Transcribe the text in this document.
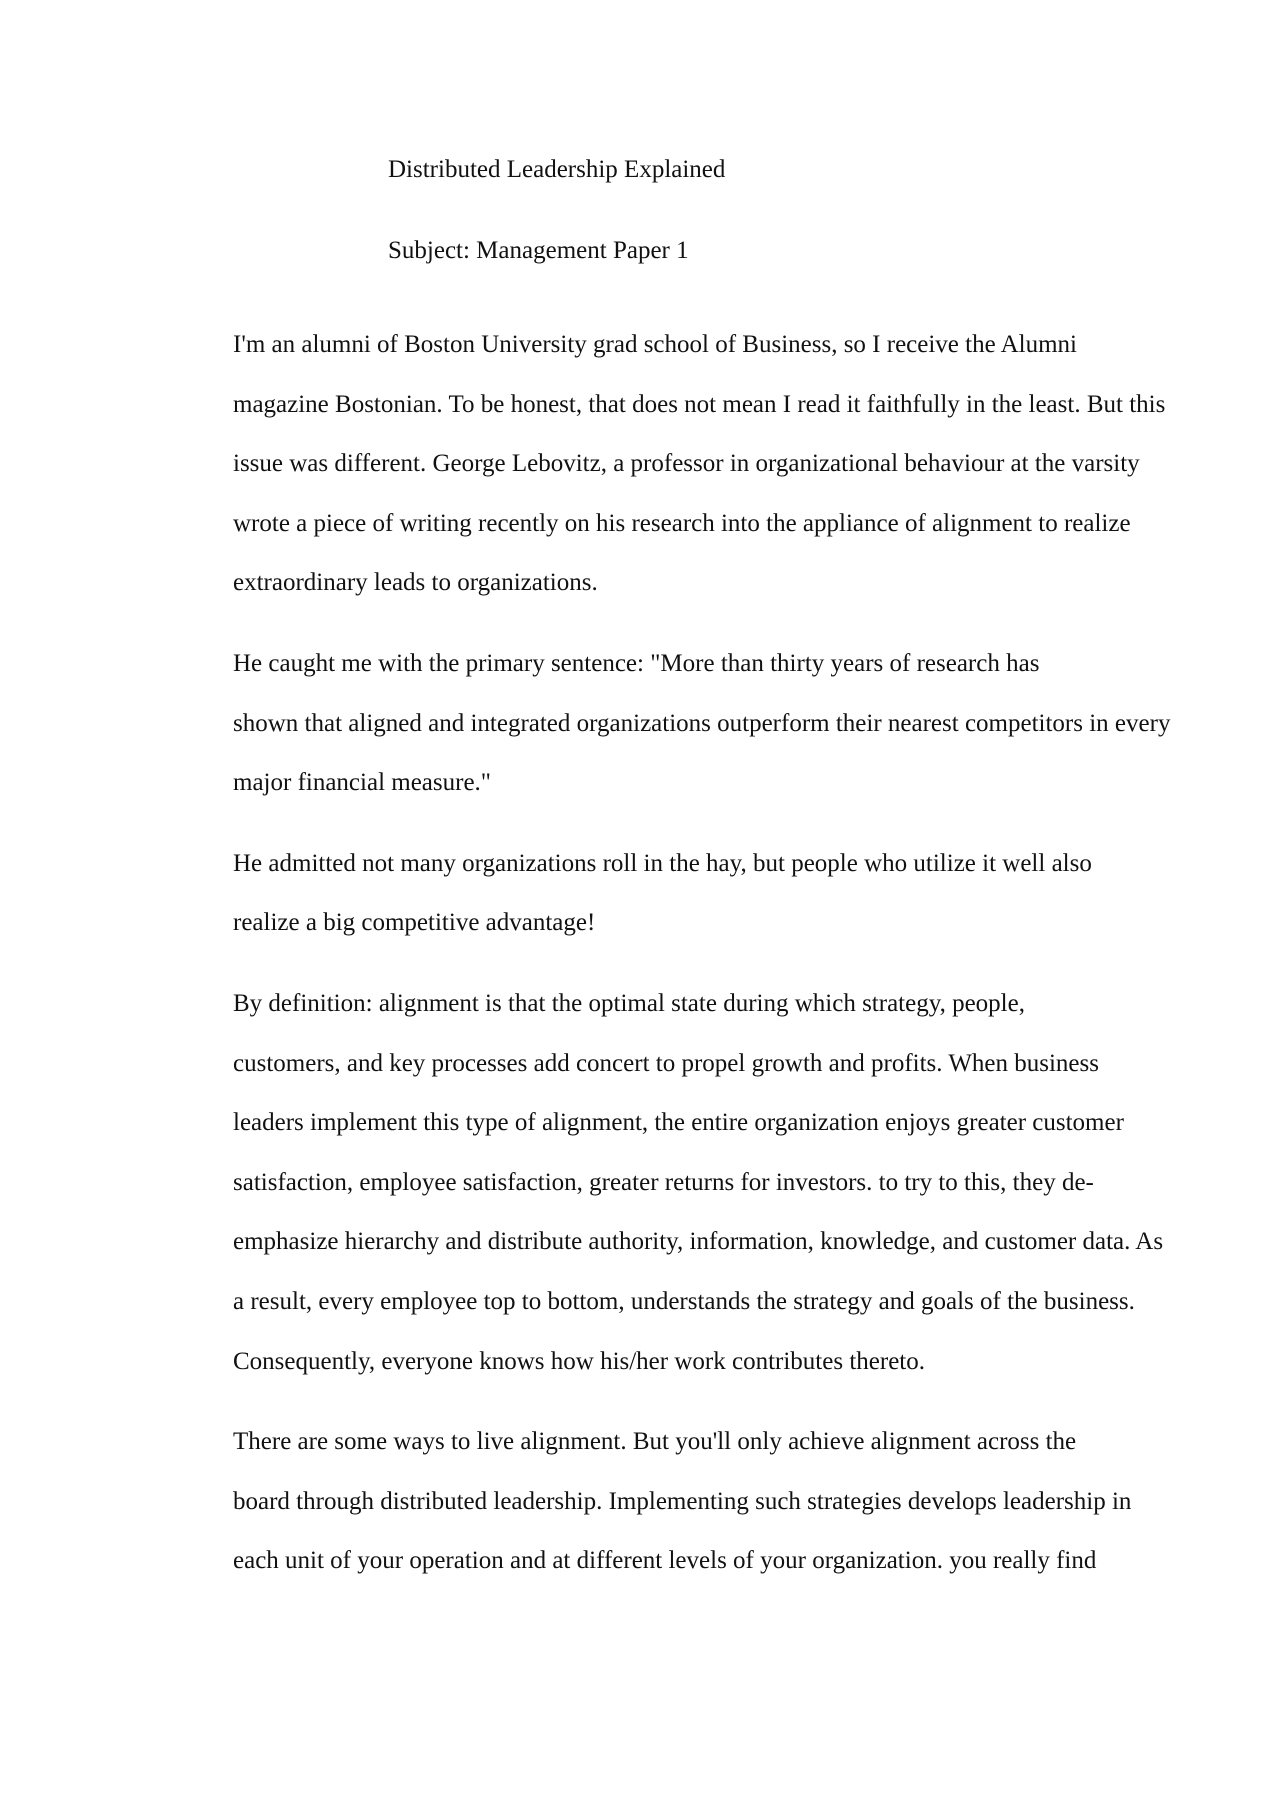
Distributed Leadership Explained
Subject: Management Paper 1

I'm an alumni of Boston University grad school of Business, so I receive the Alumni
magazine Bostonian. To be honest, that does not mean I read it faithfully in the least. But this
issue was different. George Lebovitz, a professor in organizational behaviour at the varsity
wrote a piece of writing recently on his research into the appliance of alignment to realize
extraordinary leads to organizations.

He caught me with the primary sentence: "More than thirty years of research has
shown that aligned and integrated organizations outperform their nearest competitors in every
major financial measure."

He admitted not many organizations roll in the hay, but people who utilize it well also
realize a big competitive advantage!

By definition: alignment is that the optimal state during which strategy, people,
customers, and key processes add concert to propel growth and profits. When business
leaders implement this type of alignment, the entire organization enjoys greater customer
satisfaction, employee satisfaction, greater returns for investors. to try to this, they de-
emphasize hierarchy and distribute authority, information, knowledge, and customer data. As
a result, every employee top to bottom, understands the strategy and goals of the business.
Consequently, everyone knows how his/her work contributes thereto.

There are some ways to live alignment. But you'll only achieve alignment across the
board through distributed leadership. Implementing such strategies develops leadership in
each unit of your operation and at different levels of your organization. you really find
